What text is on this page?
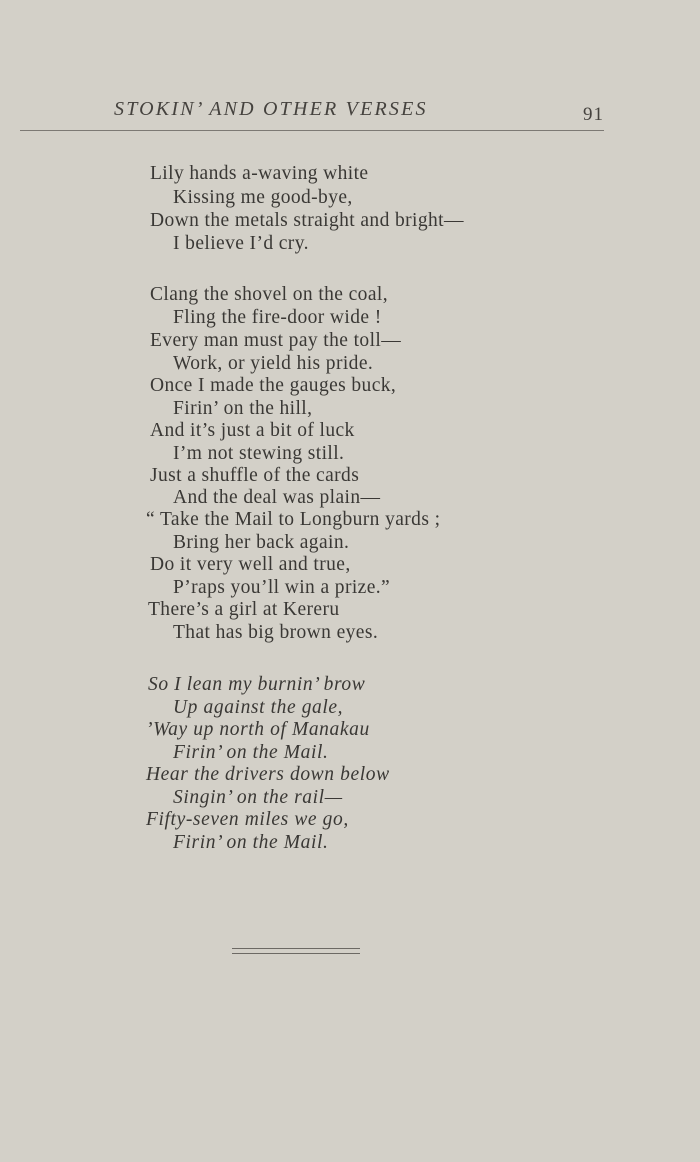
STOKIN’ AND OTHER VERSES	91
Lily hands a-waving white
Kissing me good-bye,
Down the metals straight and bright—
I believe I’d cry.
Clang the shovel on the coal,
Fling the fire-door wide !
Every man must pay the toll—
Work, or yield his pride.
Once I made the gauges buck,
Firin’ on the hill,
And it’s just a bit of luck
I’m not stewing still.
Just a shuffle of the cards
And the deal was plain—
“ Take the Mail to Longburn yards ;
Bring her back again.
Do it very well and true,
P’raps you’ll win a prize.”
There’s a girl at Kereru
That has big brown eyes.
So I lean my burnin’ brow
Up against the gale,
’Way up north of Manakau
Firin’ on the Mail.
Hear the drivers down below
Singin’ on the rail—
Fifty-seven miles we go,
Firin’ on the Mail.
